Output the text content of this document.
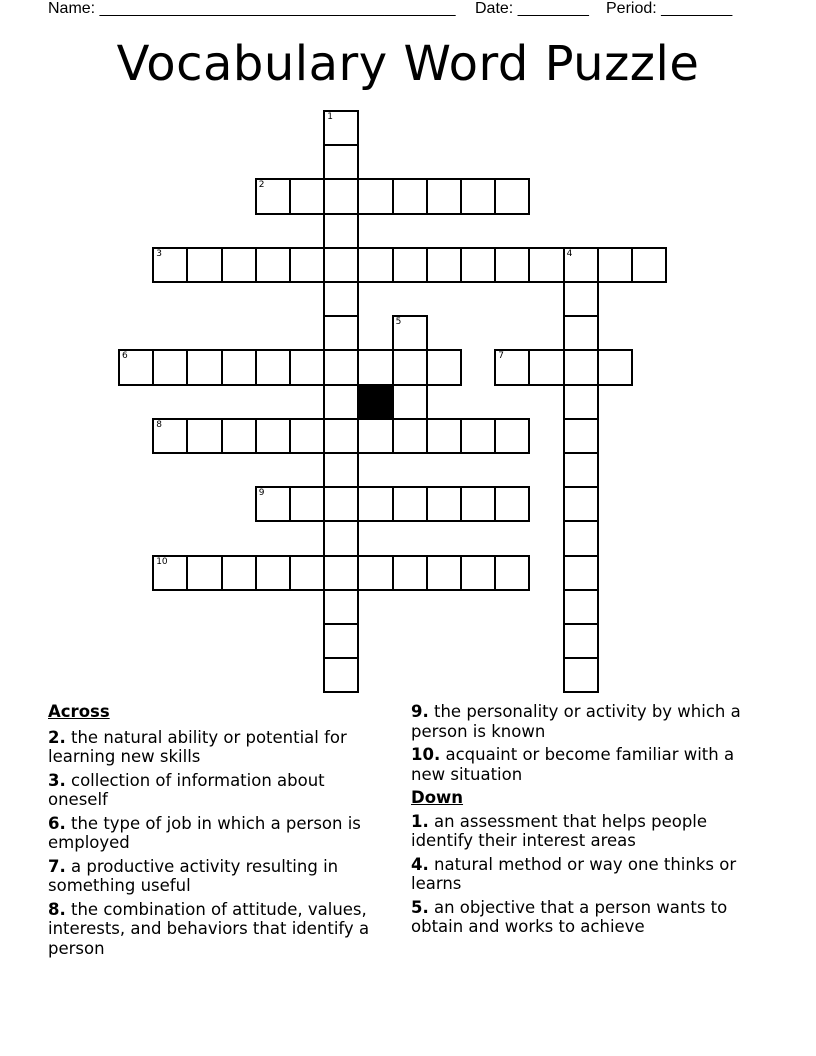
Name: ________________________________________ Date: ________ Period: ________
Vocabulary Word Puzzle
1
2
3	4
5
6	7
8
9
10
Across
2. the natural ability or potential for learning new skills
3. collection of information about oneself
6. the type of job in which a person is employed
7. a productive activity resulting in something useful
8. the combination of attitude, values, interests, and behaviors that identify a person
9. the personality or activity by which a person is known
10. acquaint or become familiar with a new situation
Down
1. an assessment that helps people identify their interest areas
4. natural method or way one thinks or learns
5. an objective that a person wants to obtain and works to achieve
